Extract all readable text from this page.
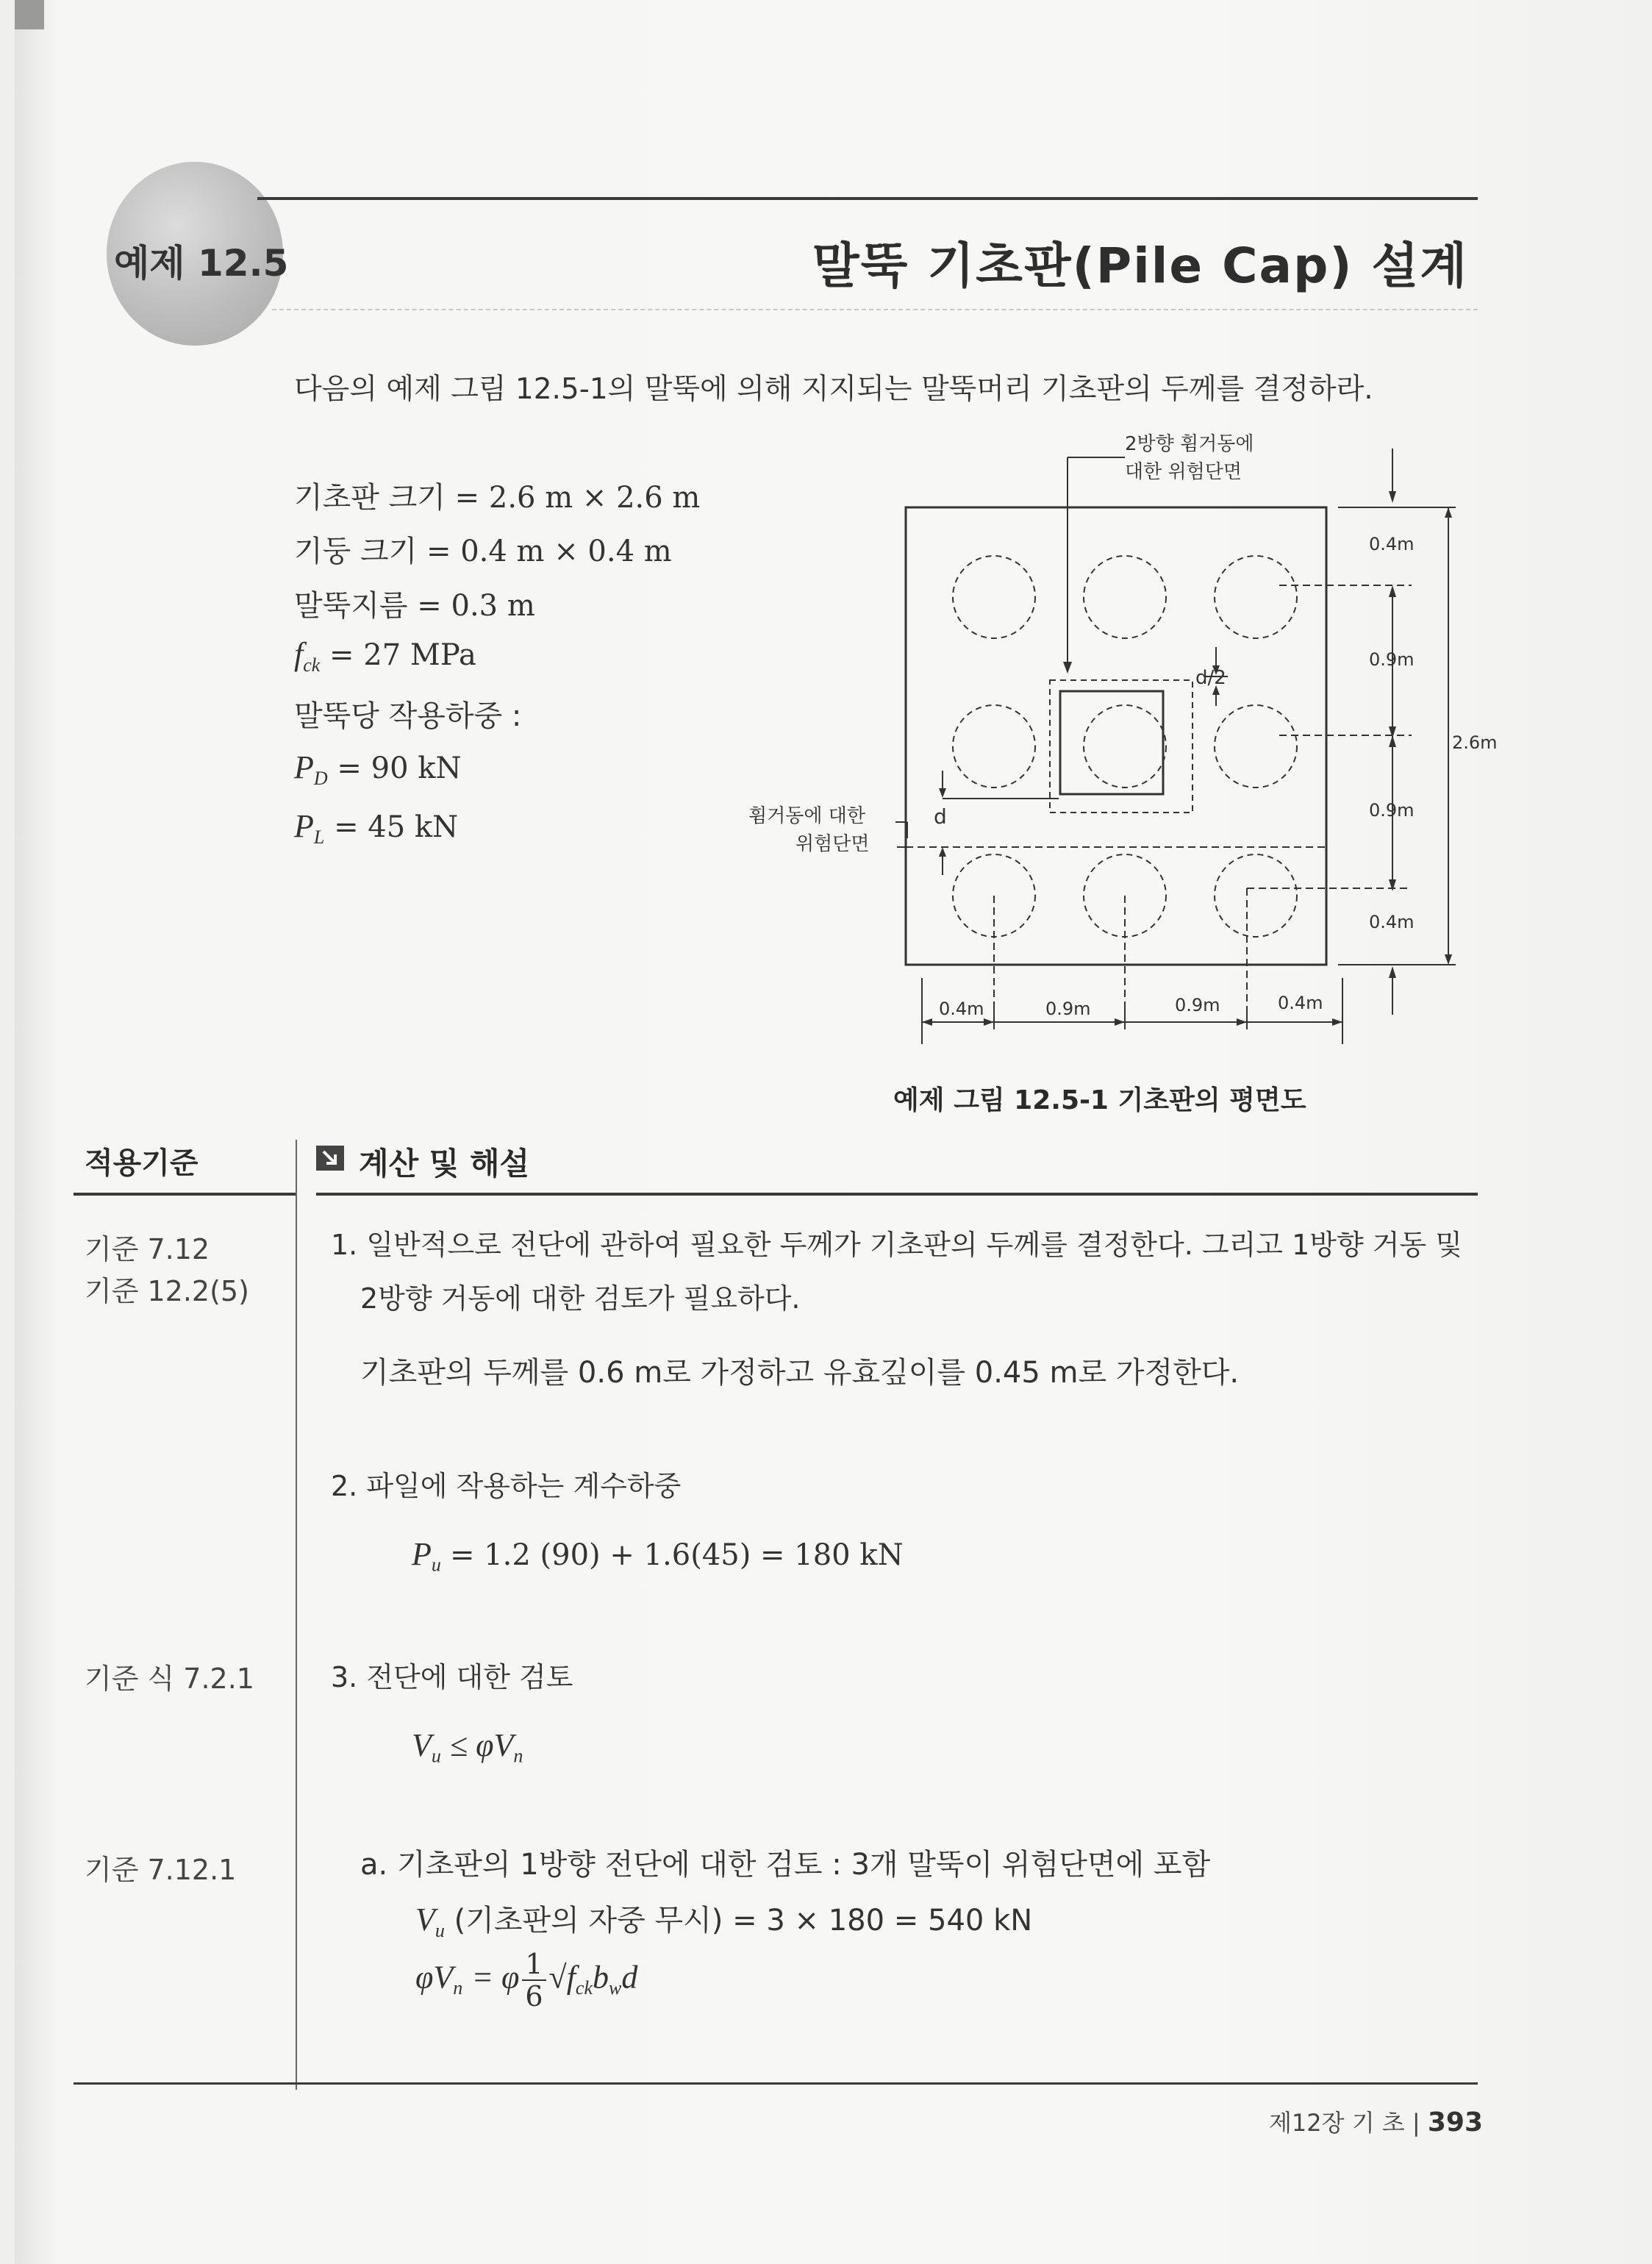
예제 12.5	말뚝 기초판(Pile Cap) 설계
다음의 예제 그림 12.5-1의 말뚝에 의해 지지되는 말뚝머리 기초판의 두께를 결정하라.
기초판 크기 = 2.6 m × 2.6 m
기둥 크기 = 0.4 m × 0.4 m
말뚝지름 = 0.3 m
$f_{ck} = 27$ MPa
말뚝당 작용하중 :
$P_D = 90$ kN
$P_L = 45$ kN
2방향 휨거동에
대한 위험단면
d/2
휨거동에 대한
위험단면
d
0.4m
0.9m
0.9m
0.4m
2.6m
0.4m	0.9m	0.9m	0.4m
예제 그림 12.5-1 기초판의 평면도
적용기준	계산 및 해설
기준 7.12
기준 12.2(5)
기준 식 7.2.1
기준 7.12.1
1. 일반적으로 전단에 관하여 필요한 두께가 기초판의 두께를 결정한다. 그리고 1방향 거동 및
2방향 거동에 대한 검토가 필요하다.
기초판의 두께를 0.6 m로 가정하고 유효깊이를 0.45 m로 가정한다.
2. 파일에 작용하는 계수하중
$P_u = 1.2$ (90) + 1.6(45) = 180 kN
3. 전단에 대한 검토
$V_u \le \varphi V_n$
a. 기초판의 1방향 전단에 대한 검토 : 3개 말뚝이 위험단면에 포함
$V_u$ (기초판의 자중 무시) = 3 × 180 = 540 kN
$\varphi V_n = \varphi \frac{1}{6} √f_{ck}b_wd$
제12장 기 초 | 393
